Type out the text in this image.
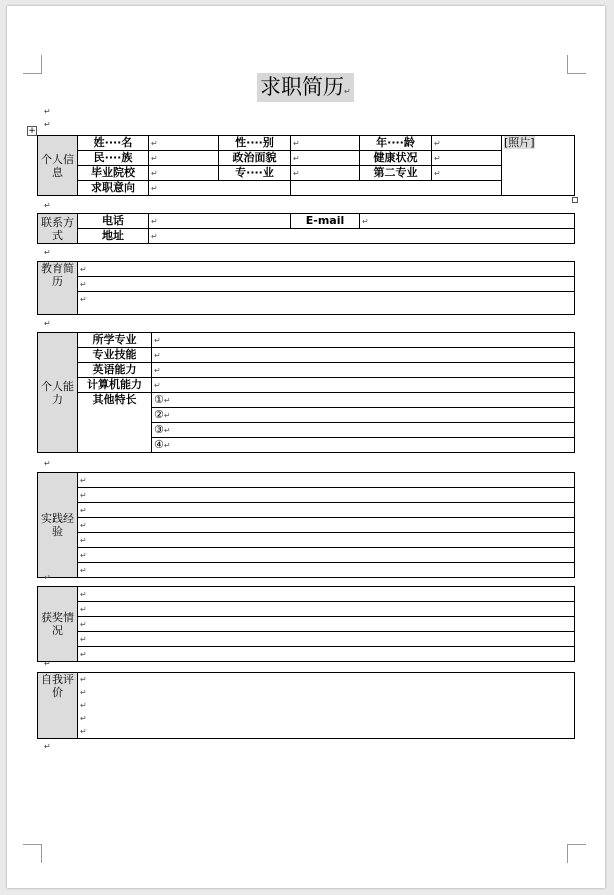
求职简历↵
↵
↵
+
个人信息	姓····名	↵	性····别	↵	年····龄	↵	[照片]
	民····族	↵	政治面貌	↵	健康状况	↵	
	毕业院校	↵	专····业	↵	第二专业	↵	
	求职意向	↵					
↵
联系方式	电话	↵	E-mail	↵
	地址	↵		
↵
教育简历	↵
↵
↵
↵
个人能力	所学专业	↵
	专业技能	↵
	英语能力	↵
	计算机能力	↵
	其他特长	①↵
		②↵
		③↵
		④↵
↵
实践经验	↵
↵
↵
↵
↵
↵
↵
↵
获奖情况	↵
↵
↵
↵
↵
↵
自我评价	
↵
↵
↵
↵
↵
↵
